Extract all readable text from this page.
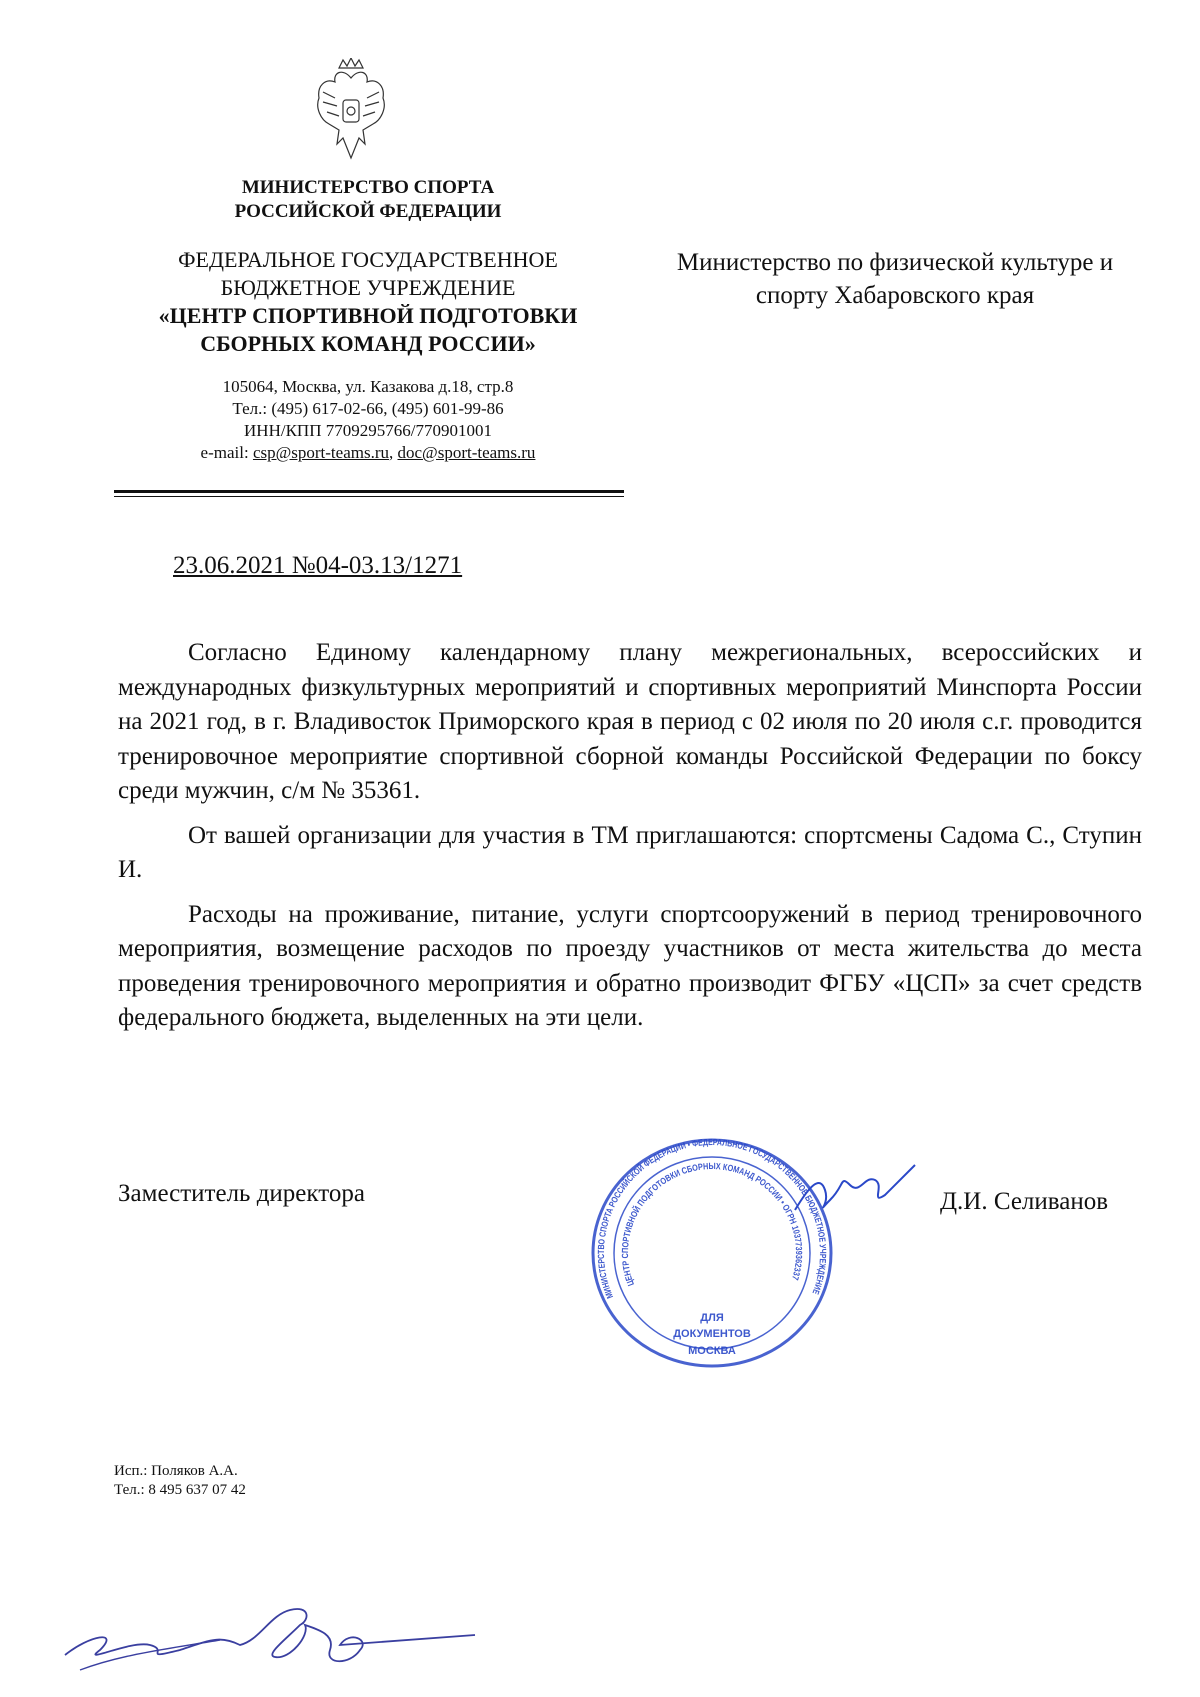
МИНИСТЕРСТВО СПОРТА
РОССИЙСКОЙ ФЕДЕРАЦИИ
ФЕДЕРАЛЬНОЕ ГОСУДАРСТВЕННОЕ
БЮДЖЕТНОЕ УЧРЕЖДЕНИЕ
«ЦЕНТР СПОРТИВНОЙ ПОДГОТОВКИ
СБОРНЫХ КОМАНД РОССИИ»
105064, Москва, ул. Казакова д.18, стр.8
Тел.: (495) 617-02-66, (495) 601-99-86
ИНН/КПП 7709295766/770901001
e-mail: csp@sport-teams.ru, doc@sport-teams.ru
Министерство по физической культуре и
спорту Хабаровского края
23.06.2021 №04-03.13/1271

Согласно Единому календарному плану межрегиональных, всероссийских и международных физкультурных мероприятий и спортивных мероприятий Минспорта России на 2021 год, в г. Владивосток Приморского края в период с 02 июля по 20 июля с.г. проводится тренировочное мероприятие спортивной сборной команды Российской Федерации по боксу среди мужчин, с/м № 35361.

От вашей организации для участия в ТМ приглашаются: спортсмены Садома С., Ступин И.

Расходы на проживание, питание, услуги спортсооружений в период тренировочного мероприятия, возмещение расходов по проезду участников от места жительства до места проведения тренировочного мероприятия и обратно производит ФГБУ «ЦСП» за счет средств федерального бюджета, выделенных на эти цели.

Заместитель директора
МИНИСТЕРСТВО СПОРТА РОССИЙСКОЙ ФЕДЕРАЦИИ • ФЕДЕРАЛЬНОЕ ГОСУДАРСТВЕННОЕ БЮДЖЕТНОЕ УЧРЕЖДЕНИЕ
ЦЕНТР СПОРТИВНОЙ ПОДГОТОВКИ СБОРНЫХ КОМАНД РОССИИ • ОГРН 1037739362337
ДЛЯ
ДОКУМЕНТОВ
МОСКВА
Д.И. Селиванов
Исп.: Поляков А.А.
Тел.: 8 495 637 07 42
